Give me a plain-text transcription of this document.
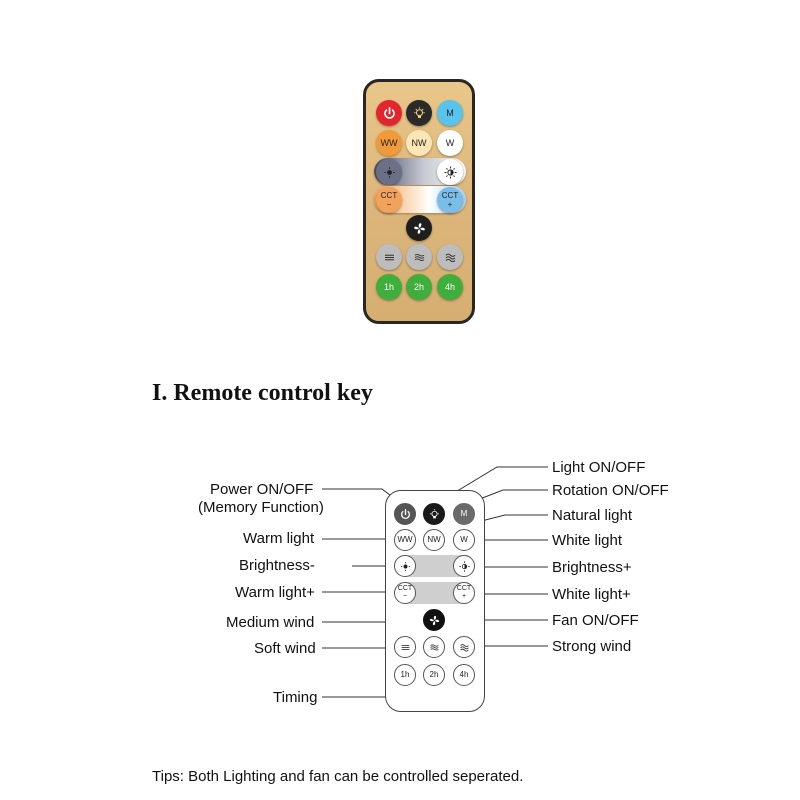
M
WW	NW	W
CCT
−
CCT
+
1h	2h	4h
I. Remote control key
M
WW	NW	W
CCT
−
CCT
+
1h	2h	4h
Power ON/OFF
(Memory Function)
Warm light
Brightness-
Warm light+
Medium wind
Soft wind
Timing
Light ON/OFF
Rotation ON/OFF
Natural light
White light
Brightness+
White light+
Fan ON/OFF
Strong wind
Tips: Both Lighting and fan can be controlled seperated.
